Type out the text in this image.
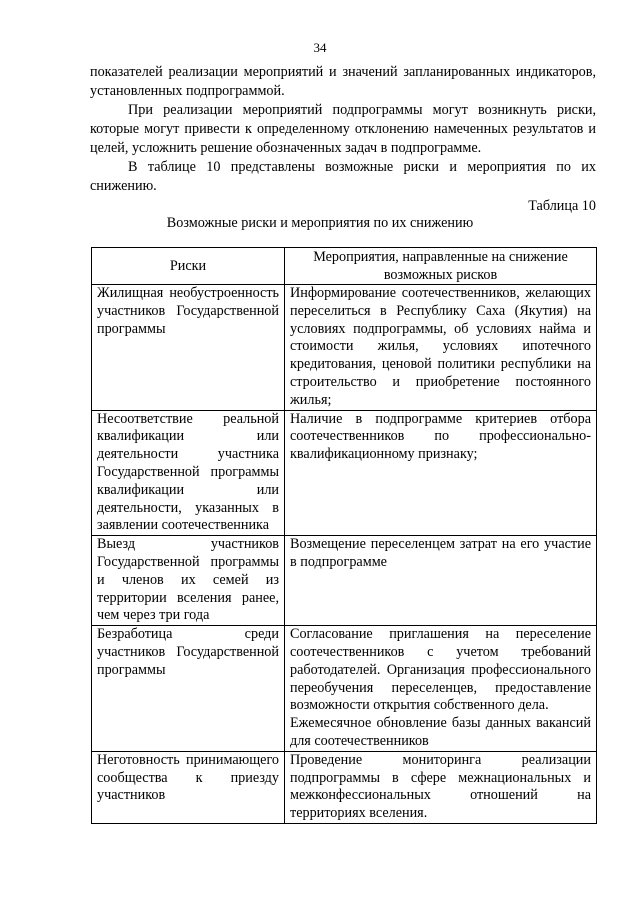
34

показателей реализации мероприятий и значений запланированных индикаторов, установленных подпрограммой.

При реализации мероприятий подпрограммы могут возникнуть риски, которые могут привести к определенному отклонению намеченных результатов и целей, усложнить решение обозначенных задач в подпрограмме.

В таблице 10 представлены возможные риски и мероприятия по их снижению.

Таблица 10
Возможные риски и мероприятия по их снижению
Риски	Мероприятия, направленные на снижение возможных рисков
Жилищная необустроенность участников Государственной программы	Информирование соотечественников, желающих переселиться в Республику Саха (Якутия) на условиях подпрограммы, об условиях найма и стоимости жилья, условиях ипотечного кредитования, ценовой политики республики на строительство и приобретение постоянного жилья;

Несоответствие реальной квалификации или деятельности участника Государственной программы квалификации или деятельности, указанных в заявлении соотечественника	Наличие в подпрограмме критериев отбора соотечественников по профессионально-квалификационному признаку;

Выезд участников Государственной программы и членов их семей из территории вселения ранее, чем через три года	Возмещение переселенцем затрат на его участие в подпрограмме

Безработица среди участников Государственной программы	Согласование приглашения на переселение соотечественников с учетом требований работодателей. Организация профессионального переобучения переселенцев, предоставление возможности открытия собственного дела.
Ежемесячное обновление базы данных вакансий для соотечественников

Неготовность принимающего сообщества к приезду участников	Проведение мониторинга реализации подпрограммы в сфере межнациональных и межконфессиональных отношений на территориях вселения.
